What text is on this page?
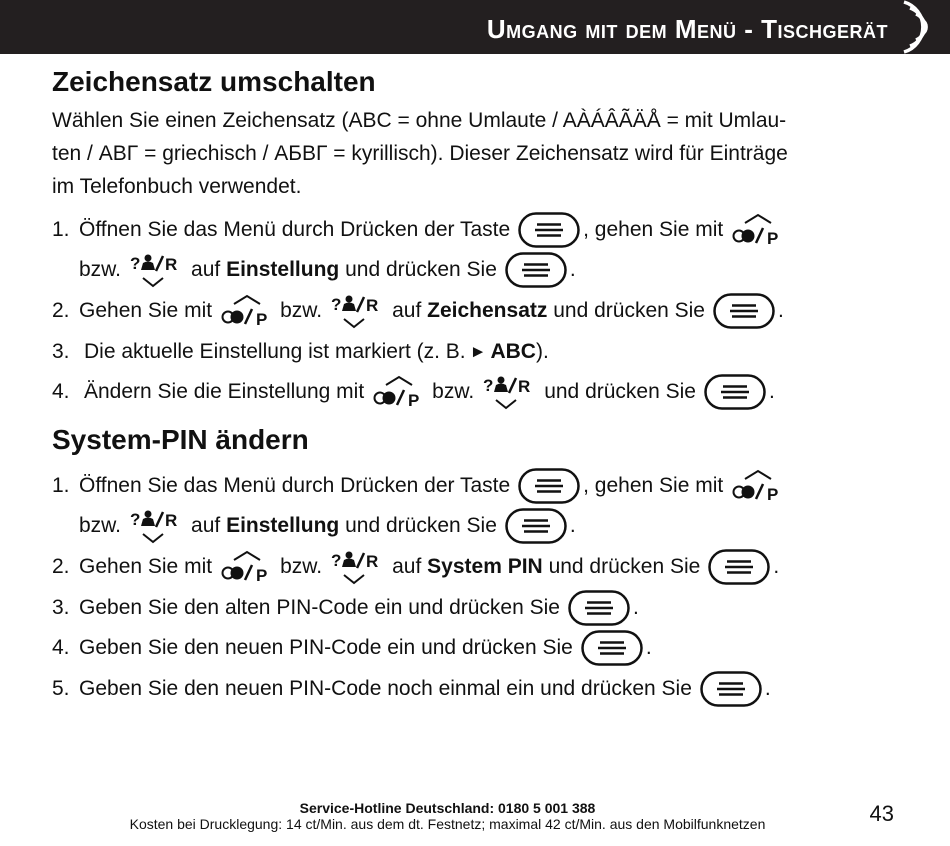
Umgang mit dem Menü - Tischgerät
Zeichensatz umschalten
Wählen Sie einen Zeichensatz (ABC = ohne Umlaute / AÀÁÂÃÄÅ = mit Umlau-
ten / ΑΒΓ = griechisch / АБВГ = kyrillisch). Dieser Zeichensatz wird für Einträge
im Telefonbuch verwendet.
1. Öffnen Sie das Menü durch Drücken der Taste	, gehen Sie mit	P
bzw. ? R auf
Einstellung
und drücken Sie	.
2. Gehen Sie mit	P bzw. ? R auf
Zeichensatz
und drücken Sie	.
3. Die aktuelle Einstellung ist markiert (z. B. ► ABC ).
4. Ändern Sie die Einstellung mit	P bzw. ? R und drücken Sie	.
System-PIN ändern
1. Öffnen Sie das Menü durch Drücken der Taste	, gehen Sie mit	P
bzw. ? R auf
Einstellung
und drücken Sie	.
2. Gehen Sie mit	P bzw. ? R auf
System PIN
und drücken Sie	.
3. Geben Sie den alten PIN-Code ein und drücken Sie	.
4. Geben Sie den neuen PIN-Code ein und drücken Sie	.
5. Geben Sie den neuen PIN-Code noch einmal ein und drücken Sie	.
Service-Hotline Deutschland: 0180 5 001 388
Kosten bei Drucklegung: 14 ct/Min. aus dem dt. Festnetz; maximal 42 ct/Min. aus den Mobilfunknetzen	43
